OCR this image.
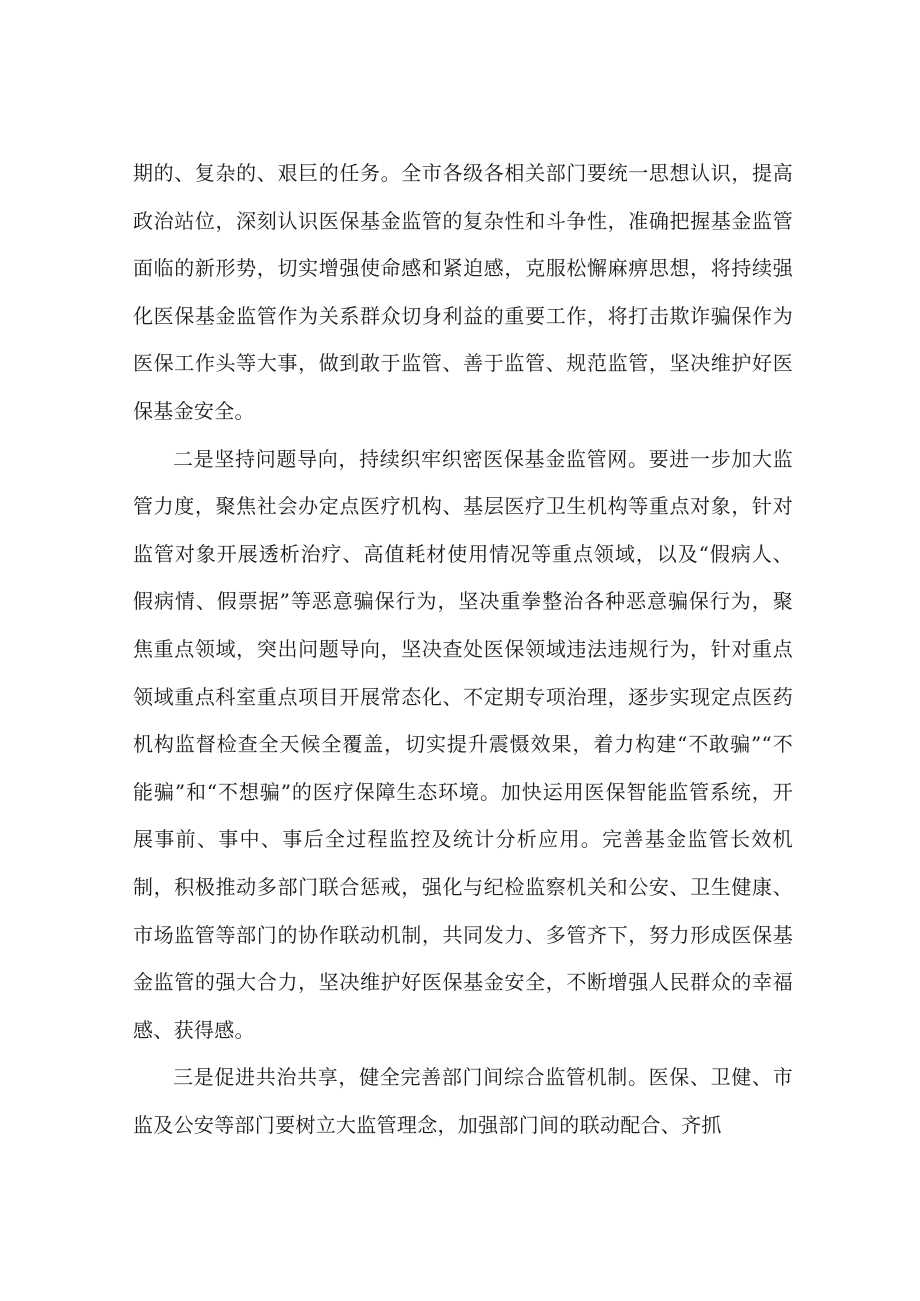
期的、复杂的、艰巨的任务。全市各级各相关部门要统一思想认识，提高政治站位，深刻认识医保基金监管的复杂性和斗争性，准确把握基金监管面临的新形势，切实增强使命感和紧迫感，克服松懈麻痹思想，将持续强化医保基金监管作为关系群众切身利益的重要工作，将打击欺诈骗保作为医保工作头等大事，做到敢于监管、善于监管、规范监管，坚决维护好医保基金安全。

二是坚持问题导向，持续织牢织密医保基金监管网。要进一步加大监管力度，聚焦社会办定点医疗机构、基层医疗卫生机构等重点对象，针对监管对象开展透析治疗、高值耗材使用情况等重点领域，以及“假病人、假病情、假票据”等恶意骗保行为，坚决重拳整治各种恶意骗保行为，聚焦重点领域，突出问题导向，坚决查处医保领域违法违规行为，针对重点领域重点科室重点项目开展常态化、不定期专项治理，逐步实现定点医药机构监督检查全天候全覆盖，切实提升震慑效果，着力构建“不敢骗”“不能骗”和“不想骗”的医疗保障生态环境。加快运用医保智能监管系统，开展事前、事中、事后全过程监控及统计分析应用。完善基金监管长效机制，积极推动多部门联合惩戒，强化与纪检监察机关和公安、卫生健康、市场监管等部门的协作联动机制，共同发力、多管齐下，努力形成医保基金监管的强大合力，坚决维护好医保基金安全，不断增强人民群众的幸福感、获得感。

三是促进共治共享，健全完善部门间综合监管机制。医保、卫健、市监及公安等部门要树立大监管理念，加强部门间的联动配合、齐抓
